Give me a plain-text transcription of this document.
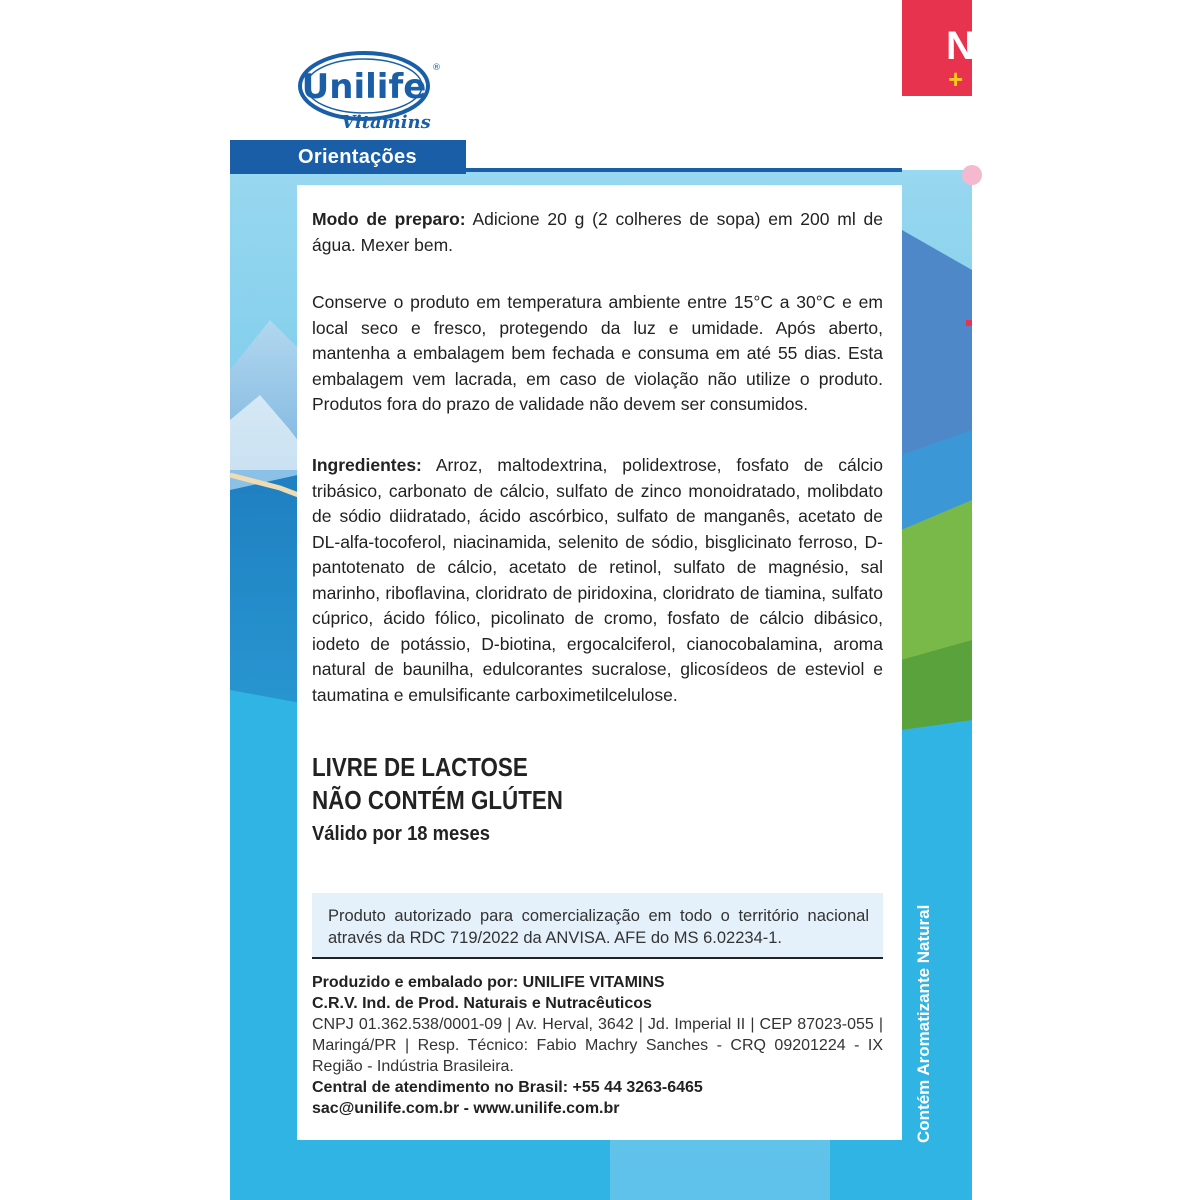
Unilife
Vitamins
®
Orientações

Modo de preparo: Adicione 20 g (2 colheres de sopa) em 200 ml de água. Mexer bem.

Conserve o produto em temperatura ambiente entre 15°C a 30°C e em local seco e fresco, protegendo da luz e umidade. Após aberto, mantenha a embalagem bem fechada e consuma em até 55 dias. Esta embalagem vem lacrada, em caso de violação não utilize o produto. Produtos fora do prazo de validade não devem ser consumidos.

Ingredientes: Arroz, maltodextrina, polidextrose, fosfato de cálcio tribásico, carbonato de cálcio, sulfato de zinco monoidratado, molibdato de sódio diidratado, ácido ascórbico, sulfato de manganês, acetato de DL-alfa-tocoferol, niacinamida, selenito de sódio, bisglicinato ferroso, D-pantotenato de cálcio, acetato de retinol, sulfato de magnésio, sal marinho, riboflavina, cloridrato de piridoxina, cloridrato de tiamina, sulfato cúprico, ácido fólico, picolinato de cromo, fosfato de cálcio dibásico, iodeto de potássio, D-biotina, ergocalciferol, cianocobalamina, aroma natural de baunilha, edulcorantes sucralose, glicosídeos de esteviol e taumatina e emulsificante carboximetilcelulose.

LIVRE DE LACTOSE
NÃO CONTÉM GLÚTEN
Válido por 18 meses

Produto autorizado para comercialização em todo o território nacional através da RDC 719/2022 da ANVISA. AFE do MS 6.02234-1.

Produzido e embalado por: UNILIFE VITAMINS

C.R.V. Ind. de Prod. Naturais e Nutracêuticos

CNPJ 01.362.538/0001-09 | Av. Herval, 3642 | Jd. Imperial II | CEP 87023-055 | Maringá/PR | Resp. Técnico: Fabio Machry Sanches - CRQ 09201224 - IX Região - Indústria Brasileira.

Central de atendimento no Brasil: +55 44 3263-6465

sac@unilife.com.br - www.unilife.com.br

N
+
Contém Aromatizante Natural
